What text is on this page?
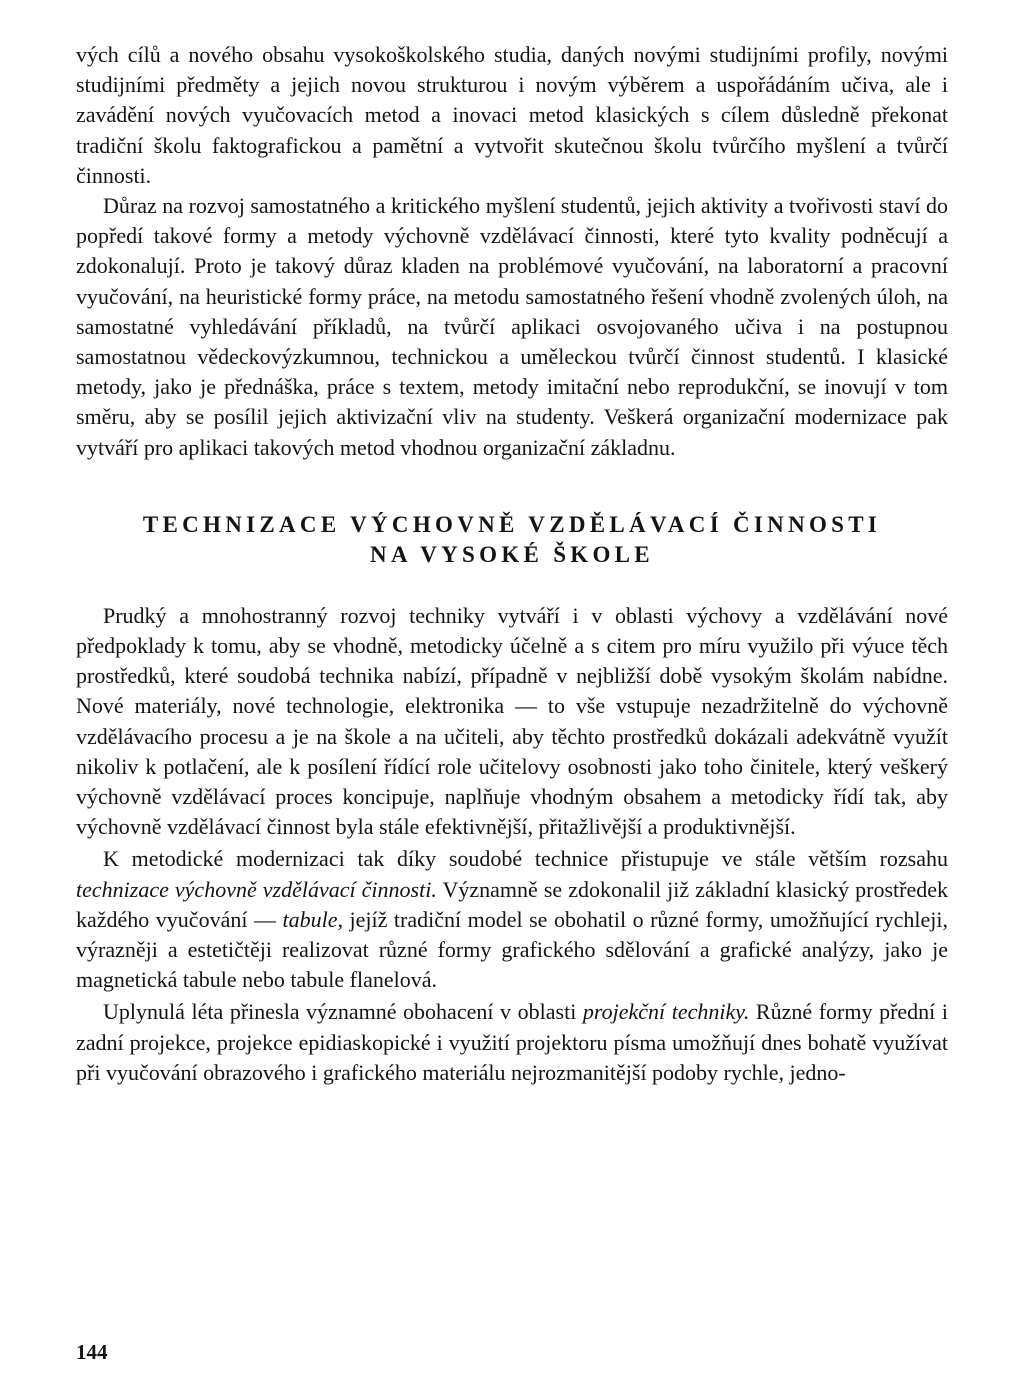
vých cílů a nového obsahu vysokoškolského studia, daných novými studijními profily, novými studijními předměty a jejich novou strukturou i novým výběrem a uspořádáním učiva, ale i zavádění nových vyučovacích metod a inovaci metod klasických s cílem důsledně překonat tradiční školu faktografickou a pamětní a vytvořit skutečnou školu tvůrčího myšlení a tvůrčí činnosti.

Důraz na rozvoj samostatného a kritického myšlení studentů, jejich aktivity a tvořivosti staví do popředí takové formy a metody výchovně vzdělávací činnosti, které tyto kvality podněcují a zdokonalují. Proto je takový důraz kladen na problémové vyučování, na laboratorní a pracovní vyučování, na heuristické formy práce, na metodu samostatného řešení vhodně zvolených úloh, na samostatné vyhledávání příkladů, na tvůrčí aplikaci osvojovaného učiva i na postupnou samostatnou vědeckovýzkumnou, technickou a uměleckou tvůrčí činnost studentů. I klasické metody, jako je přednáška, práce s textem, metody imitační nebo reprodukční, se inovují v tom směru, aby se posílil jejich aktivizační vliv na studenty. Veškerá organizační modernizace pak vytváří pro aplikaci takových metod vhodnou organizační základnu.

TECHNIZACE VÝCHOVNĚ VZDĚLÁVACÍ ČINNOSTI

NA VYSOKÉ ŠKOLE

Prudký a mnohostranný rozvoj techniky vytváří i v oblasti výchovy a vzdělávání nové předpoklady k tomu, aby se vhodně, metodicky účelně a s citem pro míru využilo při výuce těch prostředků, které soudobá technika nabízí, případně v nejbližší době vysokým školám nabídne. Nové materiály, nové technologie, elektronika — to vše vstupuje nezadržitelně do výchovně vzdělávacího procesu a je na škole a na učiteli, aby těchto prostředků dokázali adekvátně využít nikoliv k potlačení, ale k posílení řídící role učitelovy osobnosti jako toho činitele, který veškerý výchovně vzdělávací proces koncipuje, naplňuje vhodným obsahem a metodicky řídí tak, aby výchovně vzdělávací činnost byla stále efektivnější, přitažlivější a produktivnější.

K metodické modernizaci tak díky soudobé technice přistupuje ve stále větším rozsahu technizace výchovně vzdělávací činnosti. Významně se zdokonalil již základní klasický prostředek každého vyučování — tabule, jejíž tradiční model se obohatil o různé formy, umožňující rychleji, výrazněji a estetičtěji realizovat různé formy grafického sdělování a grafické analýzy, jako je magnetická tabule nebo tabule flanelová.

Uplynulá léta přinesla významné obohacení v oblasti projekční techniky. Různé formy přední i zadní projekce, projekce epidiaskopické i využití projektoru písma umožňují dnes bohatě využívat při vyučování obrazového i grafického materiálu nejrozmanitější podoby rychle, jedno-

144
